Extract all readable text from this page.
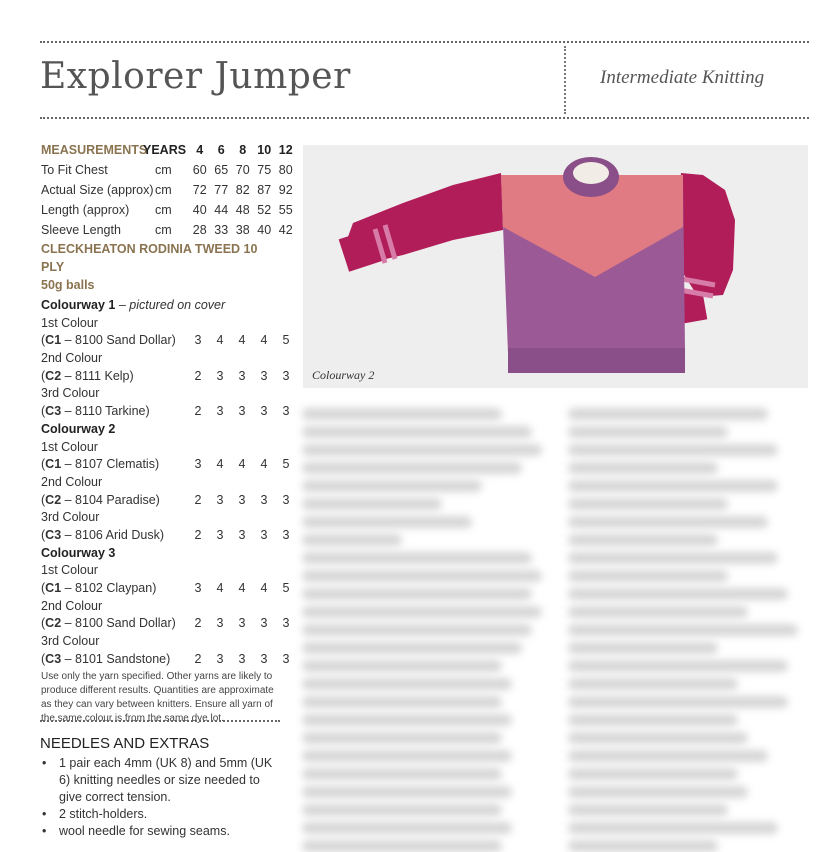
Explorer Jumper	Intermediate Knitting
MEASUREMENTS
YEARS 4 6 8 10 12
To Fit Chest	cm	60 65 70 75 80
Actual Size (approx) cm	72 77 82 87 92
Length (approx) cm	40 44 48 52 55
Sleeve Length	cm	28 33 38 40 42
CLECKHEATON RODINIA TWEED 10 PLY
50g balls
Colourway 1 – pictured on cover
1st Colour
(C1 – 8100 Sand Dollar)	3 4 4 4 5
2nd Colour
(C2 – 8111 Kelp)	2 3 3 3 3
3rd Colour
(C3 – 8110 Tarkine)	2 3 3 3 3
Colourway 2
1st Colour
(C1 – 8107 Clematis)	3 4 4 4 5
2nd Colour
(C2 – 8104 Paradise)	2 3 3 3 3
3rd Colour
(C3 – 8106 Arid Dusk)	2 3 3 3 3
Colourway 3
1st Colour
(C1 – 8102 Claypan)	3 4 4 4 5
2nd Colour
(C2 – 8100 Sand Dollar)	2 3 3 3 3
3rd Colour
(C3 – 8101 Sandstone)	2 3 3 3 3
Use only the yarn specified. Other yarns are likely to produce different results. Quantities are approximate as they can vary between knitters. Ensure all yarn of the same colour is from the same dye lot.
NEEDLES AND EXTRAS
• 1 pair each 4mm (UK 8) and 5mm (UK 6) knitting needles or size needed to give correct tension.
• 2 stitch-holders.
• wool needle for sewing seams.
Colourway 2
